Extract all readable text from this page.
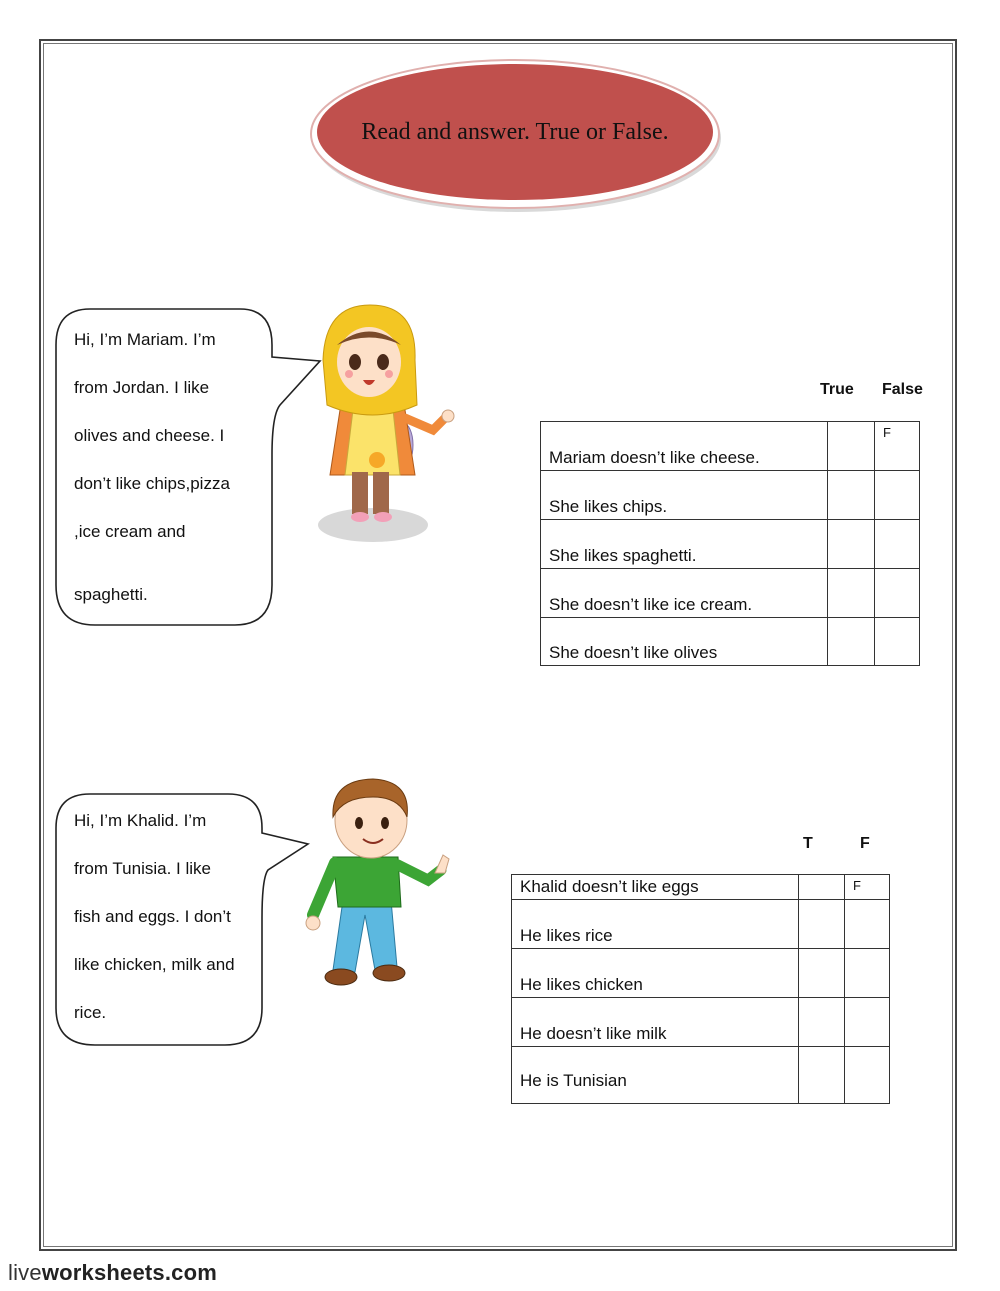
Read and answer. True or False.
Hi, I’m Mariam. I’m
from Jordan. I like
olives and cheese. I
don’t like chips,pizza
,ice cream and
spaghetti.
True False
Mariam doesn’t like cheese.		F
She likes chips.		
She likes spaghetti.		
She doesn’t like ice cream.		
She doesn’t like olives		
Hi, I’m Khalid. I’m
from Tunisia. I like
fish and eggs. I don’t
like chicken, milk and
rice.
T	F
Khalid doesn’t like eggs		F
He likes rice		
He likes chicken		
He doesn’t like milk		
He is Tunisian		
liveworksheets.com
